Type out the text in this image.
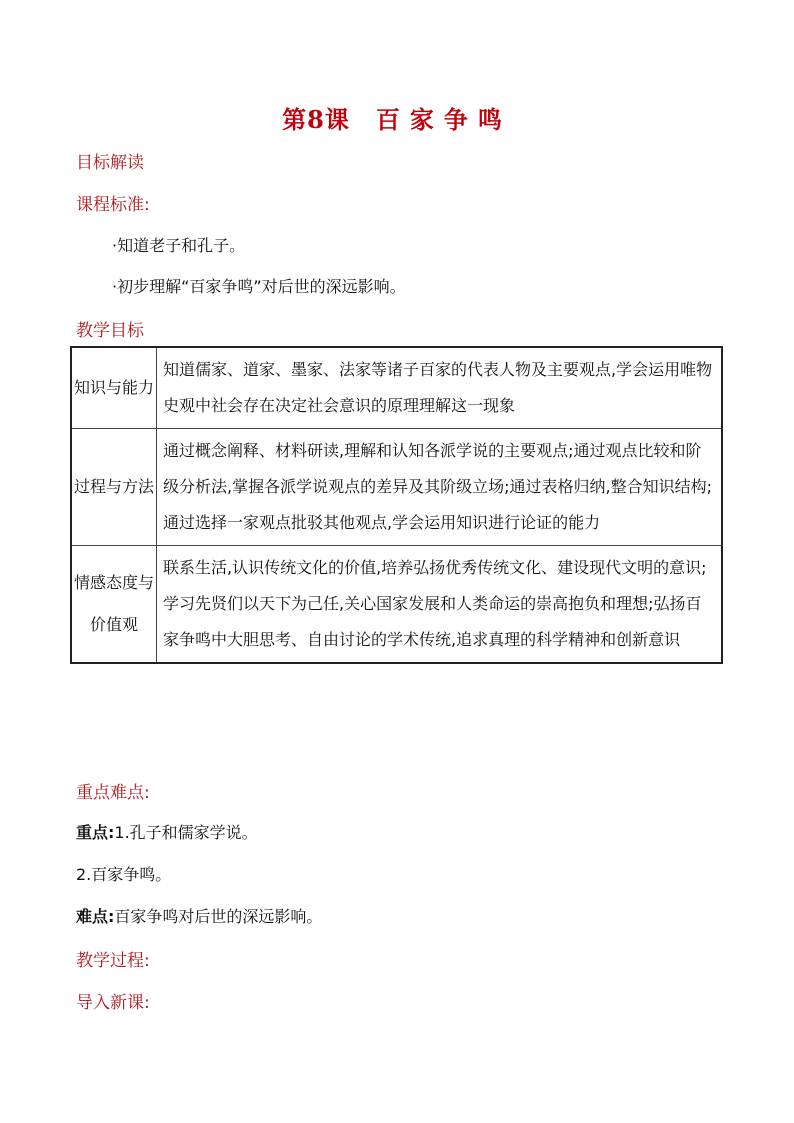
第8课 百 家 争 鸣
目标解读
课程标准:
·知道老子和孔子。
·初步理解“百家争鸣”对后世的深远影响。
教学目标
知识与能力	知道儒家、道家、墨家、法家等诸子百家的代表人物及主要观点,学会运用唯物史观中社会存在决定社会意识的原理理解这一现象
过程与方法	通过概念阐释、材料研读,理解和认知各派学说的主要观点;通过观点比较和阶级分析法,掌握各派学说观点的差异及其阶级立场;通过表格归纳,整合知识结构;通过选择一家观点批驳其他观点,学会运用知识进行论证的能力
情感态度与价值观	联系生活,认识传统文化的价值,培养弘扬优秀传统文化、建设现代文明的意识;学习先贤们以天下为己任,关心国家发展和人类命运的崇高抱负和理想;弘扬百家争鸣中大胆思考、自由讨论的学术传统,追求真理的科学精神和创新意识
重点难点:
重点:1.孔子和儒家学说。
2.百家争鸣。
难点:百家争鸣对后世的深远影响。
教学过程:
导入新课:
